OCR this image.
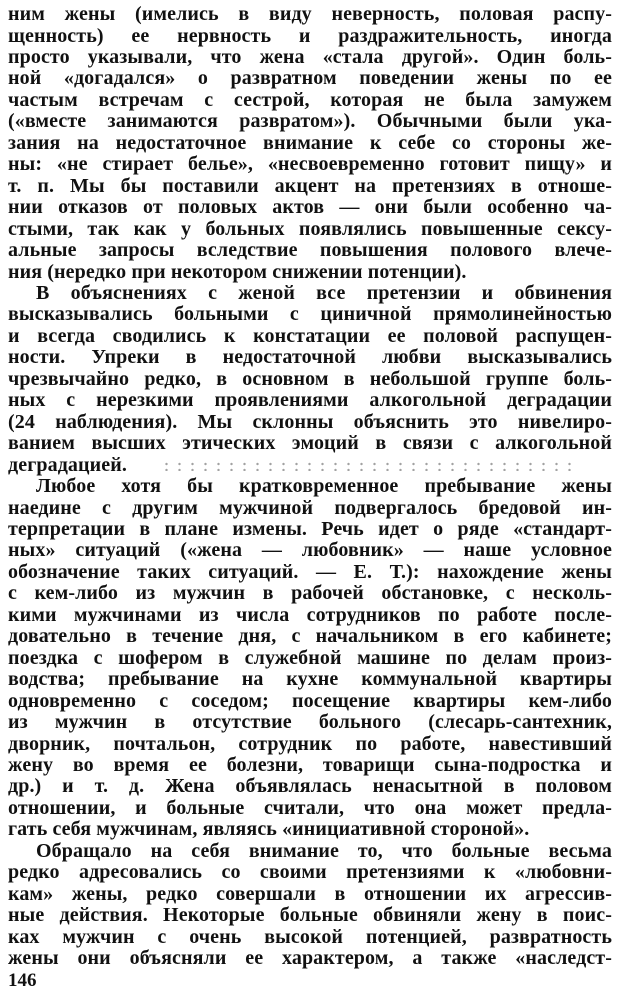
ним жены (имелись в виду неверность, половая распу-
щенность) ее нервность и раздражительность, иногда
просто указывали, что жена «стала другой». Один боль-
ной «догадался» о развратном поведении жены по ее
частым встречам с сестрой, которая не была замужем
(«вместе занимаются развратом»). Обычными были ука-
зания на недостаточное внимание к себе со стороны же-
ны: «не стирает белье», «несвоевременно готовит пищу» и
т. п. Мы бы поставили акцент на претензиях в отноше-
нии отказов от половых актов — они были особенно ча-
стыми, так как у больных появлялись повышенные сексу-
альные запросы вследствие повышения полового влече-
ния (нередко при некотором снижении потенции).
В объяснениях с женой все претензии и обвинения
высказывались больными с циничной прямолинейностью
и всегда сводились к констатации ее половой распущен-
ности. Упреки в недостаточной любви высказывались
чрезвычайно редко, в основном в небольшой группе боль-
ных с нерезкими проявлениями алкогольной деградации
(24 наблюдения). Мы склонны объяснить это нивелиро-
ванием высших этических эмоций в связи с алкогольной
деградацией.
Любое хотя бы кратковременное пребывание жены
наедине с другим мужчиной подвергалось бредовой ин-
терпретации в плане измены. Речь идет о ряде «стандарт-
ных» ситуаций («жена — любовник» — наше условное
обозначение таких ситуаций. — Е. Т.): нахождение жены
с кем-либо из мужчин в рабочей обстановке, с несколь-
кими мужчинами из числа сотрудников по работе после-
довательно в течение дня, с начальником в его кабинете;
поездка с шофером в служебной машине по делам произ-
водства; пребывание на кухне коммунальной квартиры
одновременно с соседом; посещение квартиры кем-либо
из мужчин в отсутствие больного (слесарь-сантехник,
дворник, почтальон, сотрудник по работе, навестивший
жену во время ее болезни, товарищи сына-подростка и
др.) и т. д. Жена объявлялась ненасытной в половом
отношении, и больные считали, что она может предла-
гать себя мужчинам, являясь «инициативной стороной».
Обращало на себя внимание то, что больные весьма
редко адресовались со своими претензиями к «любовни-
кам» жены, редко совершали в отношении их агрессив-
ные действия. Некоторые больные обвиняли жену в поис-
ках мужчин с очень высокой потенцией, развратность
жены они объясняли ее характером, а также «наследст-
146
